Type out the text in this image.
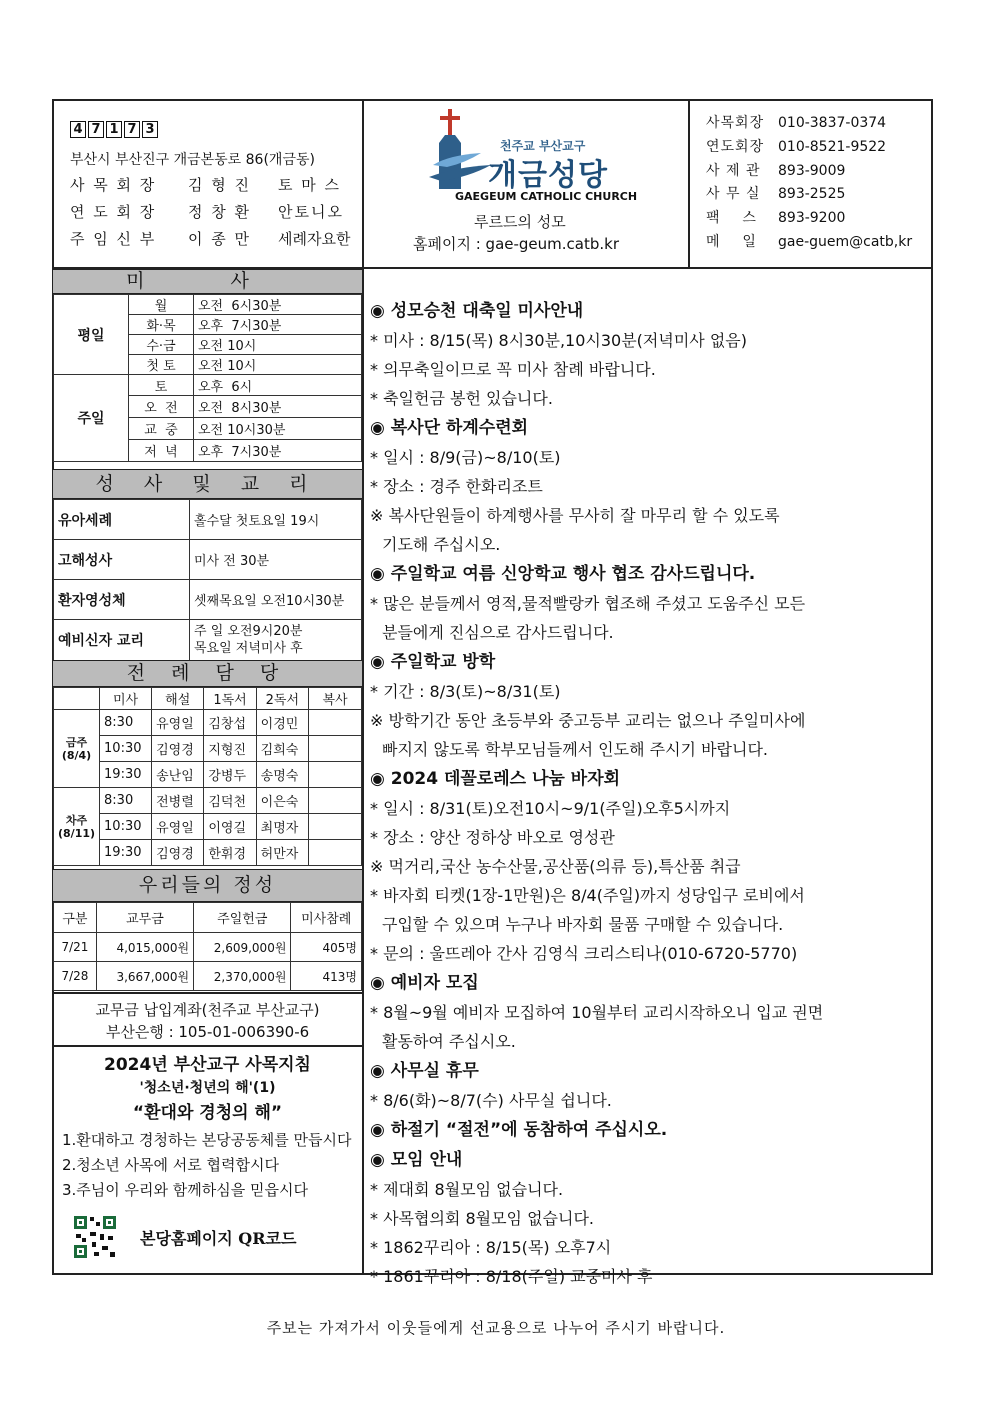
4 7 1 7 3
부산시 부산진구 개금본동로 86(개금동)
사 목 회 장	김 형 진	토 마 스
연 도 회 장	정 창 환	안토니오
주 임 신 부	이 종 만	세례자요한
천주교 부산교구
개금성당
GAEGEUM CATHOLIC CHURCH
루르드의 성모
홈페이지 : gae-geum.catb.kr
사목회장 010-3837-0374
연도회장 010-8521-9522
사 제 관	893-9009
사 무 실	893-2525
팩    스	893-9200
메    일	gae-guem@catb,kr
미 사
평일	월	오전  6시30분
	화·목	오후  7시30분
	수·금	오전 10시
	첫 토	오전 10시
주일	토	오후  6시
	오  전	오전  8시30분
	교  중	오전 10시30분
	저  녁	오후  7시30분
성 사 및 교 리
유아세례	홀수달 첫토요일 19시
고해성사	미사 전 30분
환자영성체	셋째목요일 오전10시30분
예비신자 교리	주 일 오전9시20분
목요일 저녁미사 후
전 례 담 당
	미사	해설	1독서	2독서	복사
금주(8/4)	8:30	유영일	김창섭	이경민	
	10:30	김영경	지형진	김희숙	
	19:30	송난임	강병두	송명숙	
차주(8/11)	8:30	전병렬	김덕천	이은숙	
	10:30	유영일	이영길	최명자	
	19:30	김영경	한휘경	허만자	
우리들의 정성
구분	교무금	주일헌금	미사참례
7/21	4,015,000원	2,609,000원	405명
7/28	3,667,000원	2,370,000원	413명
교무금 납입계좌(천주교 부산교구)
부산은행 : 105-01-006390-6
2024년 부산교구 사목지침
'청소년·청년의 해'(1)
“환대와 경청의 해”
1.환대하고 경청하는 본당공동체를 만듭시다
2.청소년 사목에 서로 협력합시다
3.주님이 우리와 함께하심을 믿읍시다
본당홈페이지 QR코드
◉ 성모승천 대축일 미사안내
* 미사 : 8/15(목) 8시30분,10시30분(저녁미사 없음)
* 의무축일이므로 꼭 미사 참례 바랍니다.
* 축일헌금 봉헌 있습니다.
◉ 복사단 하계수련회
* 일시 : 8/9(금)~8/10(토)
* 장소 : 경주 한화리조트
※ 복사단원들이 하계행사를 무사히 잘 마무리 할 수 있도록
기도해 주십시오.
◉ 주일학교 여름 신앙학교 행사 협조 감사드립니다.
* 많은 분들께서 영적,물적빨랑카 협조해 주셨고 도움주신 모든
분들에게 진심으로 감사드립니다.
◉ 주일학교 방학
* 기간 : 8/3(토)~8/31(토)
※ 방학기간 동안 초등부와 중고등부 교리는 없으나 주일미사에
빠지지 않도록 학부모님들께서 인도해 주시기 바랍니다.
◉ 2024 데꼴로레스 나눔 바자회
* 일시 : 8/31(토)오전10시~9/1(주일)오후5시까지
* 장소 : 양산 정하상 바오로 영성관
※ 먹거리,국산 농수산물,공산품(의류 등),특산품 취급
* 바자회 티켓(1장-1만원)은 8/4(주일)까지 성당입구 로비에서
구입할 수 있으며 누구나 바자회 물품 구매할 수 있습니다.
* 문의 : 울뜨레아 간사 김영식 크리스티나(010-6720-5770)
◉ 예비자 모집
* 8월~9월 예비자 모집하여 10월부터 교리시작하오니 입교 권면
활동하여 주십시오.
◉ 사무실 휴무
* 8/6(화)~8/7(수) 사무실 쉽니다.
◉ 하절기 “절전”에 동참하여 주십시오.
◉ 모임 안내
* 제대회 8월모임 없습니다.
* 사목협의회 8월모임 없습니다.
* 1862꾸리아 : 8/15(목) 오후7시
* 1861꾸리아 : 8/18(주일) 교중미사 후
주보는 가져가서 이웃들에게 선교용으로 나누어 주시기 바랍니다.
